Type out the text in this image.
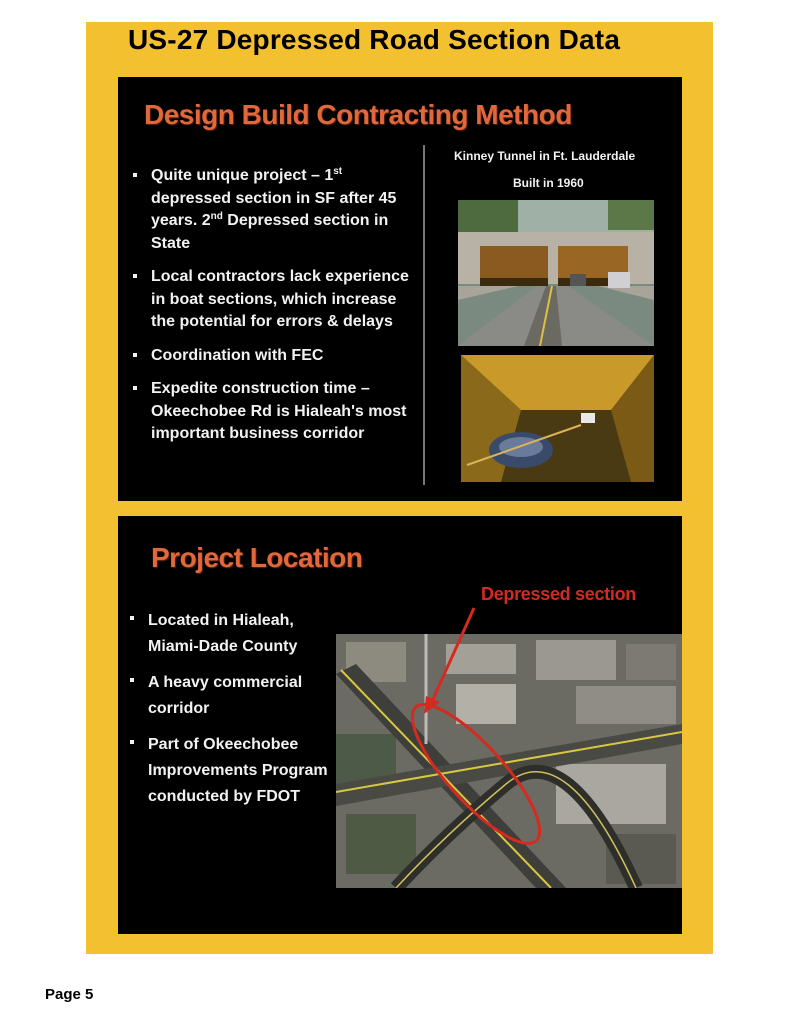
US-27 Depressed Road Section Data
Design Build Contracting Method
Quite unique project – 1st depressed section in SF after 45 years. 2nd Depressed section in State
Local contractors lack experience in boat sections, which increase the potential for errors & delays
Coordination with FEC
Expedite construction time – Okeechobee Rd is Hialeah's most important business corridor
Kinney Tunnel in Ft. Lauderdale
Built in 1960
Project Location
Located in Hialeah, Miami-Dade County
A heavy commercial corridor
Part of Okeechobee Improvements Program conducted by FDOT
Depressed section
Page 5
